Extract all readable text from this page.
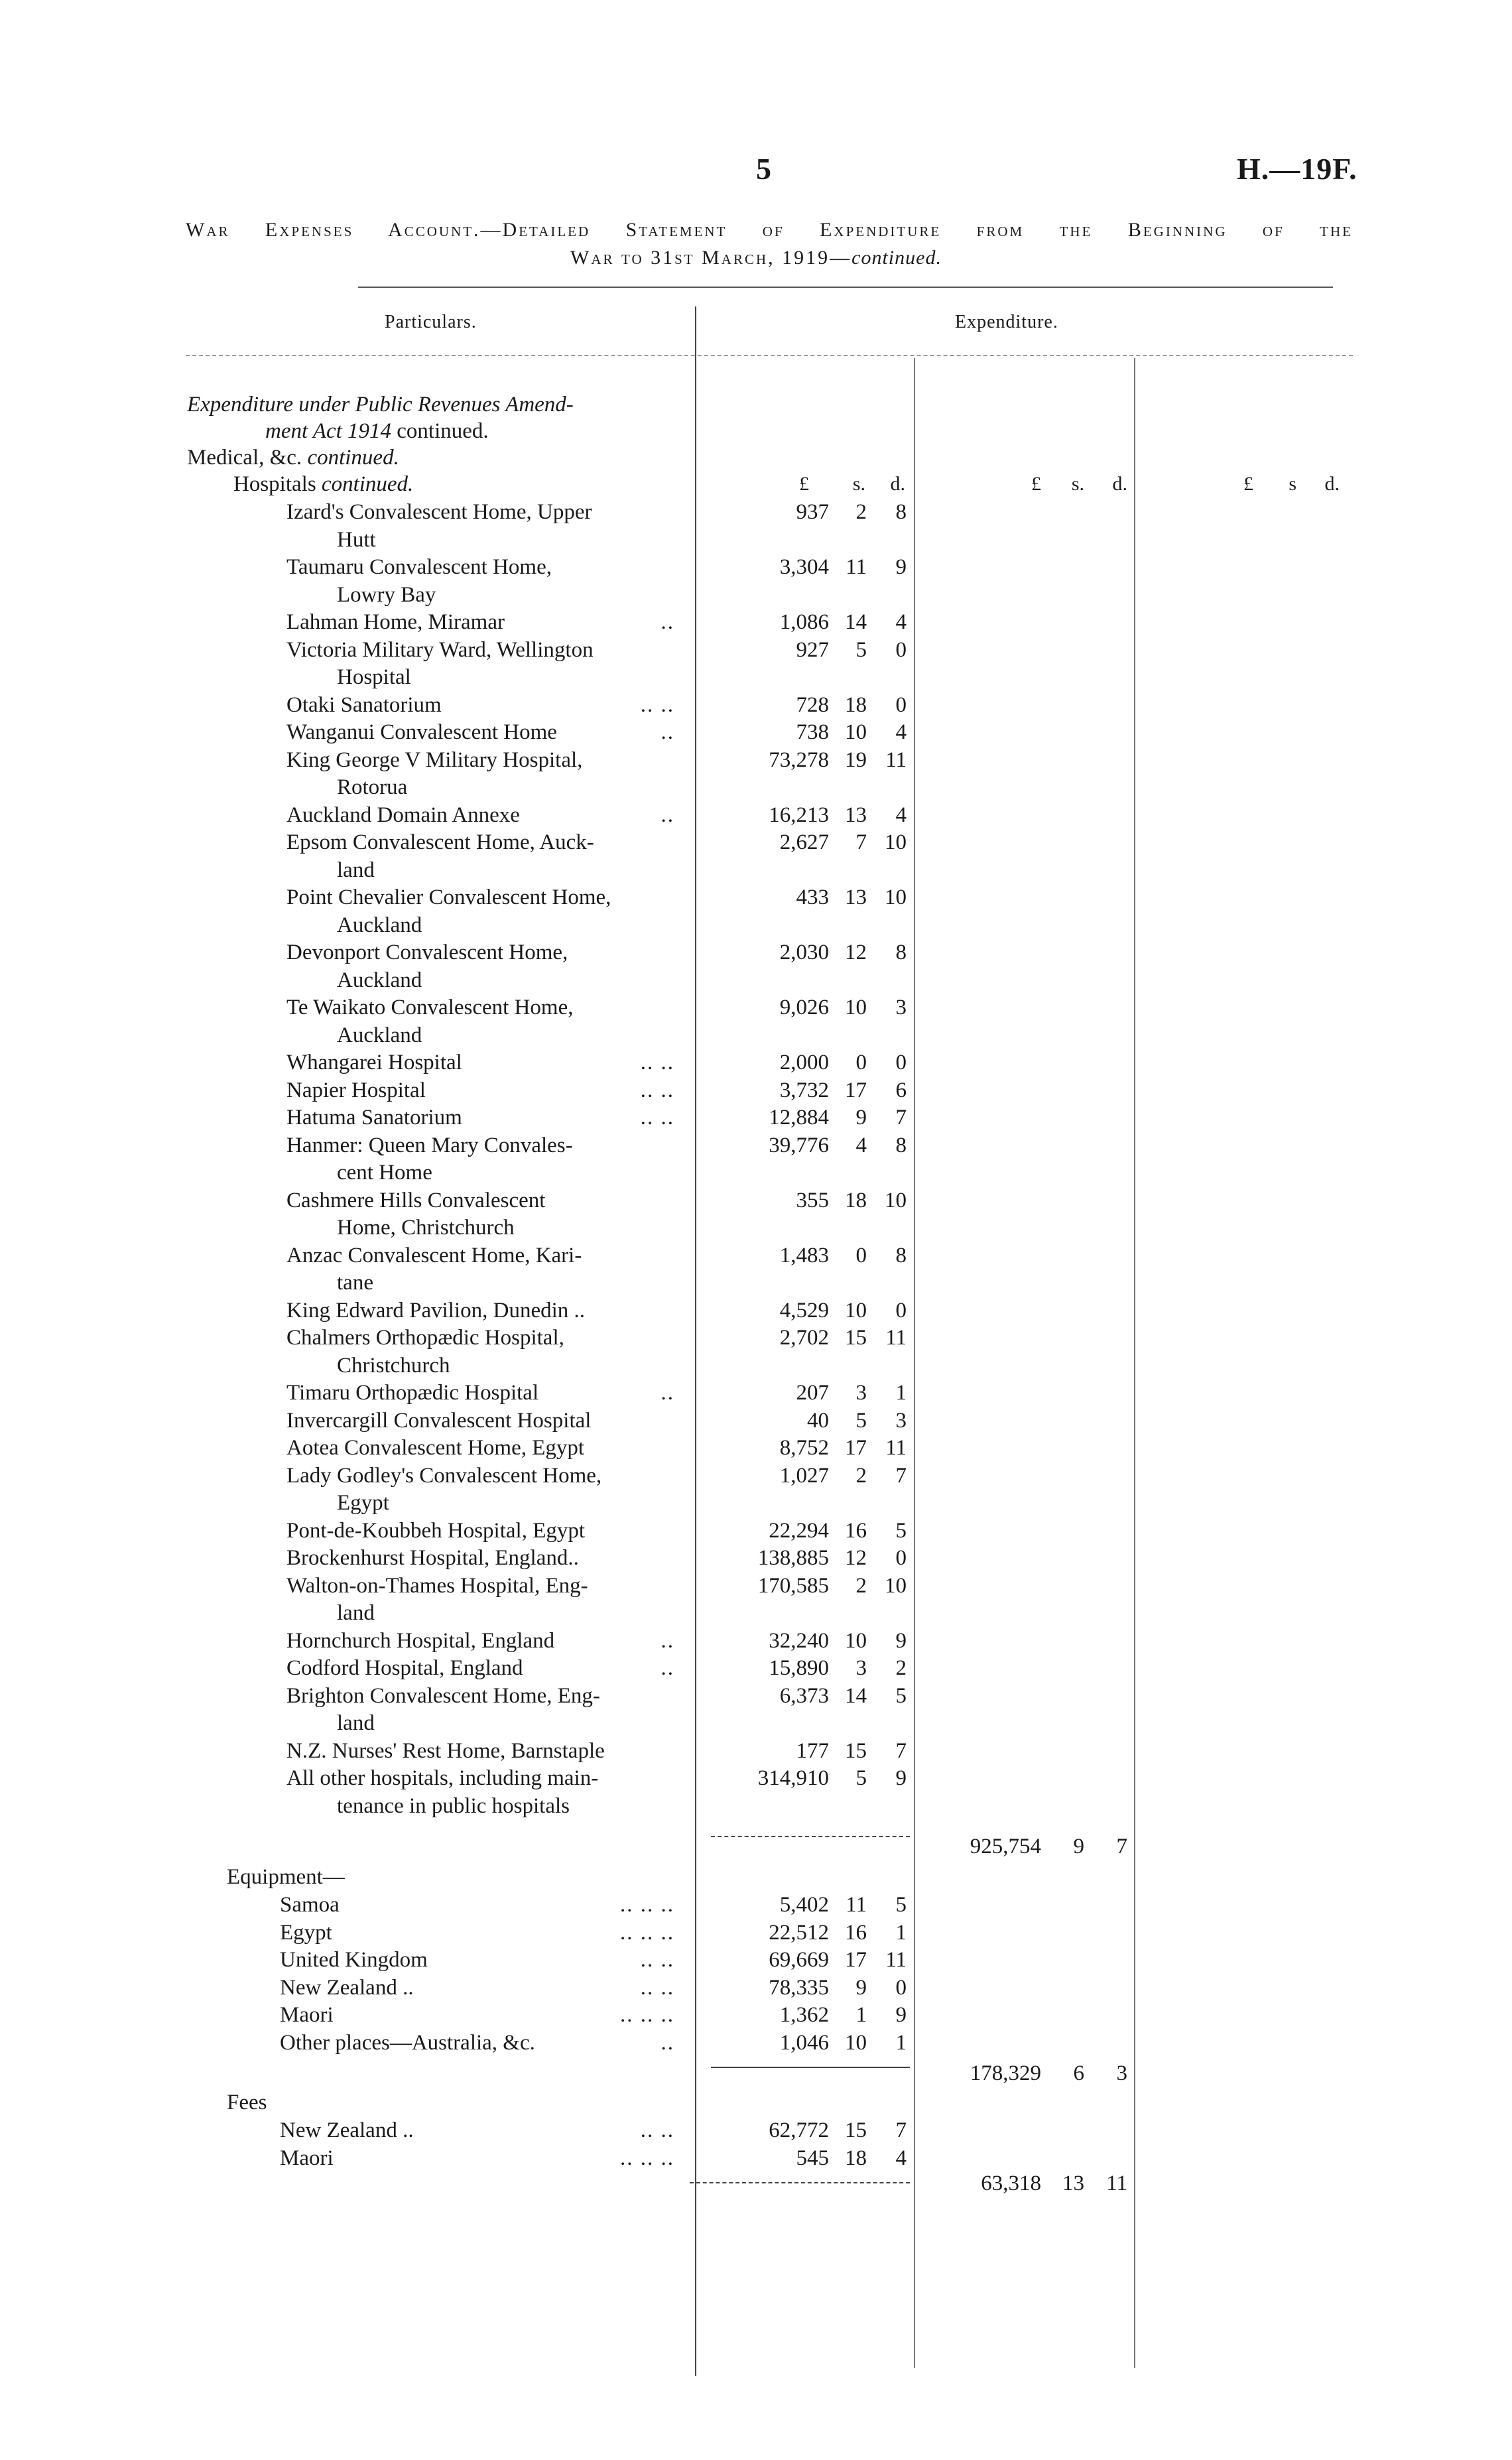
5	H.—19F.
War Expenses Account.—Detailed Statement of Expenditure from the Beginning of the
War to 31st March, 1919—continued.
Particulars.	Expenditure.
Expenditure under Public Revenues Amend-
ment Act 1914 continued.
Medical, &c. continued.
Hospitals continued.	£	s.	d.	£	s.	d.	£	s	d.
Izard's Convalescent Home, Upper	937	2	8
Hutt
Taumaru Convalescent Home,	3,304 11	9
Lowry Bay
Lahman Home, Miramar	..	1,086 14	4
Victoria Military Ward, Wellington	927	5	0
Hospital
Otaki Sanatorium	.. ..	728 18	0
Wanganui Convalescent Home	..	738 10	4
King George V Military Hospital,	73,278 19 11
Rotorua
Auckland Domain Annexe	..	16,213 13	4
Epsom Convalescent Home, Auck-	2,627	7 10
land
Point Chevalier Convalescent Home,	433 13 10
Auckland
Devonport Convalescent Home,	2,030 12	8
Auckland
Te Waikato Convalescent Home,	9,026 10	3
Auckland
Whangarei Hospital	.. ..	2,000	0	0
Napier Hospital	.. ..	3,732 17	6
Hatuma Sanatorium	.. ..	12,884	9	7
Hanmer: Queen Mary Convales-	39,776	4	8
cent Home
Cashmere Hills Convalescent	355 18 10
Home, Christchurch
Anzac Convalescent Home, Kari-	1,483	0	8
tane
King Edward Pavilion, Dunedin ..	4,529 10	0
Chalmers Orthopædic Hospital,	2,702 15 11
Christchurch
Timaru Orthopædic Hospital	..	207	3	1
Invercargill Convalescent Hospital	40	5	3
Aotea Convalescent Home, Egypt	8,752 17 11
Lady Godley's Convalescent Home,	1,027	2	7
Egypt
Pont-de-Koubbeh Hospital, Egypt	22,294 16	5
Brockenhurst Hospital, England..	138,885 12	0
Walton-on-Thames Hospital, Eng-	170,585	2 10
land
Hornchurch Hospital, England	..	32,240 10	9
Codford Hospital, England	..	15,890	3	2
Brighton Convalescent Home, Eng-	6,373 14	5
land
N.Z. Nurses' Rest Home, Barnstaple	177 15	7
All other hospitals, including main-	314,910	5	9
tenance in public hospitals
925,754	9	7
Equipment—
Samoa	.. .. ..	5,402 11	5
Egypt	.. .. ..	22,512 16	1
United Kingdom	.. ..	69,669 17 11
New Zealand ..	.. ..	78,335	9	0
Maori	.. .. ..	1,362	1	9
Other places—Australia, &c.	..	1,046 10	1
178,329	6	3
Fees
New Zealand ..	.. ..	62,772 15	7
Maori	.. .. ..	545 18	4
63,318 13	11
